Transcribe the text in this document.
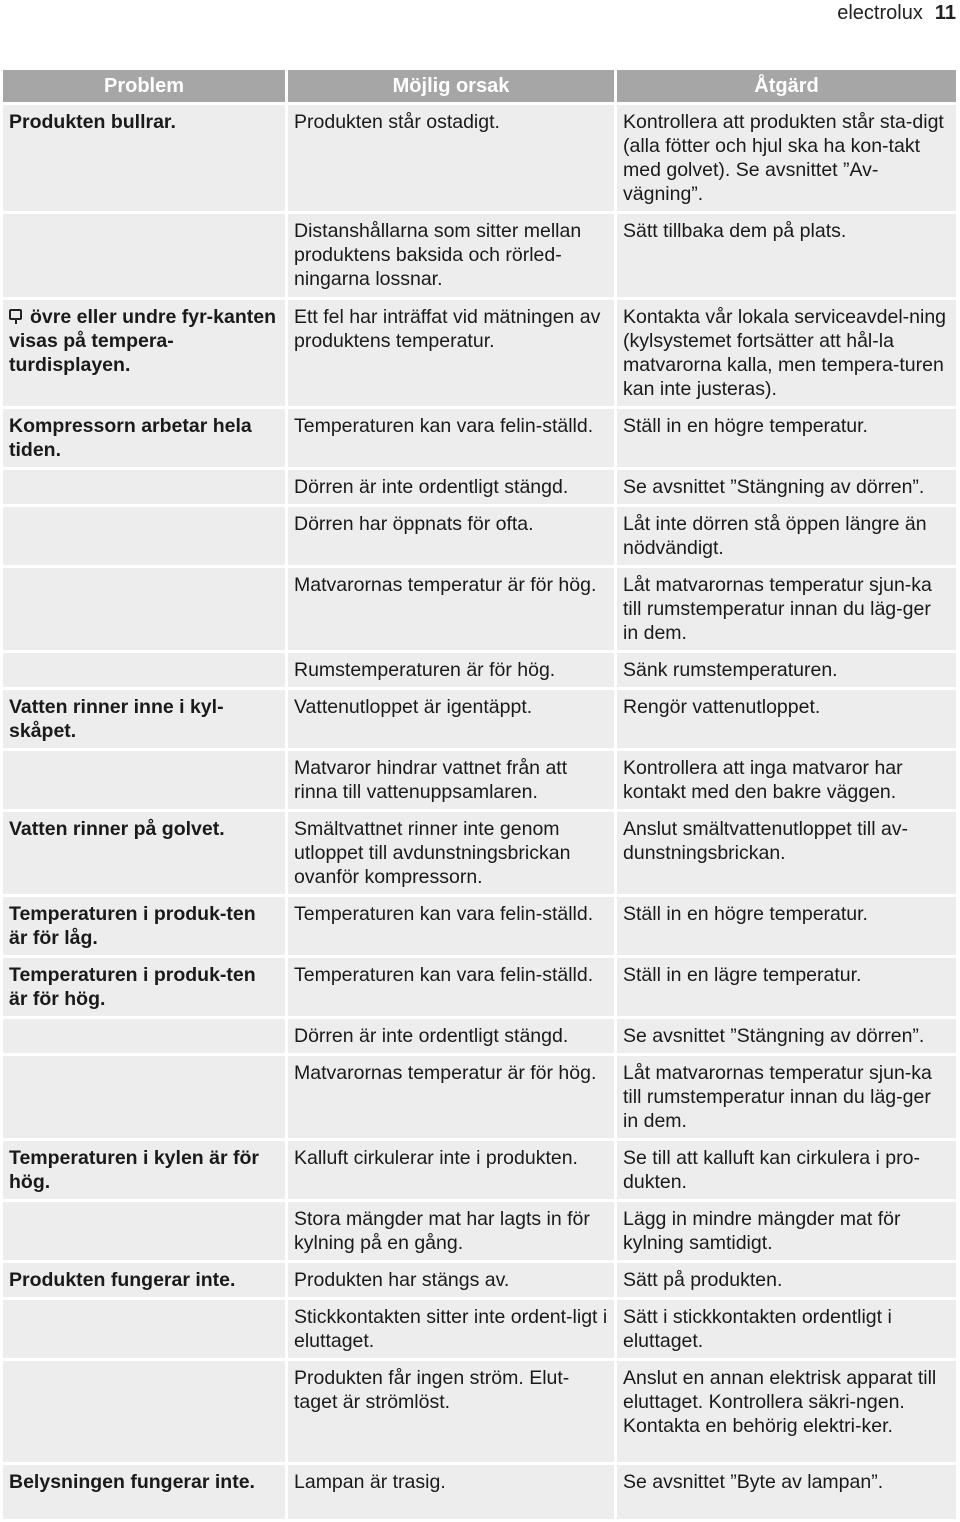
electrolux 11
Problem	Möjlig orsak	Åtgärd
Produkten bullrar.	Produkten står ostadigt.	Kontrollera att produkten står sta-digt (alla fötter och hjul ska ha kon-takt med golvet). Se avsnittet ”Av-vägning”.
	Distanshållarna som sitter mellan produktens baksida och rörled-ningarna lossnar.	Sätt tillbaka dem på plats.
övre eller undre fyr-kanten visas på tempera-turdisplayen.	Ett fel har inträffat vid mätningen av produktens temperatur.	Kontakta vår lokala serviceavdel-ning (kylsystemet fortsätter att hål-la matvarorna kalla, men tempera-turen kan inte justeras).
Kompressorn arbetar hela tiden.	Temperaturen kan vara felin-ställd.	Ställ in en högre temperatur.
	Dörren är inte ordentligt stängd.	Se avsnittet ”Stängning av dörren”.
	Dörren har öppnats för ofta.	Låt inte dörren stå öppen längre än nödvändigt.
	Matvarornas temperatur är för hög.	Låt matvarornas temperatur sjun-ka till rumstemperatur innan du läg-ger in dem.
	Rumstemperaturen är för hög.	Sänk rumstemperaturen.
Vatten rinner inne i kyl-skåpet.	Vattenutloppet är igentäppt.	Rengör vattenutloppet.
	Matvaror hindrar vattnet från att rinna till vattenuppsamlaren.	Kontrollera att inga matvaror har kontakt med den bakre väggen.
Vatten rinner på golvet.	Smältvattnet rinner inte genom utloppet till avdunstningsbrickan ovanför kompressorn.	Anslut smältvattenutloppet till av-dunstningsbrickan.
Temperaturen i produk-ten är för låg.	Temperaturen kan vara felin-ställd.	Ställ in en högre temperatur.
Temperaturen i produk-ten är för hög.	Temperaturen kan vara felin-ställd.	Ställ in en lägre temperatur.
	Dörren är inte ordentligt stängd.	Se avsnittet ”Stängning av dörren”.
	Matvarornas temperatur är för hög.	Låt matvarornas temperatur sjun-ka till rumstemperatur innan du läg-ger in dem.
Temperaturen i kylen är för hög.	Kalluft cirkulerar inte i produkten.	Se till att kalluft kan cirkulera i pro-dukten.
	Stora mängder mat har lagts in för kylning på en gång.	Lägg in mindre mängder mat för kylning samtidigt.
Produkten fungerar inte.	Produkten har stängs av.	Sätt på produkten.
	Stickkontakten sitter inte ordent-ligt i eluttaget.	Sätt i stickkontakten ordentligt i eluttaget.
	Produkten får ingen ström. Elut-taget är strömlöst.	Anslut en annan elektrisk apparat till eluttaget. Kontrollera säkri-ngen. Kontakta en behörig elektri-ker.
Belysningen fungerar inte.	Lampan är trasig.	Se avsnittet ”Byte av lampan”.
